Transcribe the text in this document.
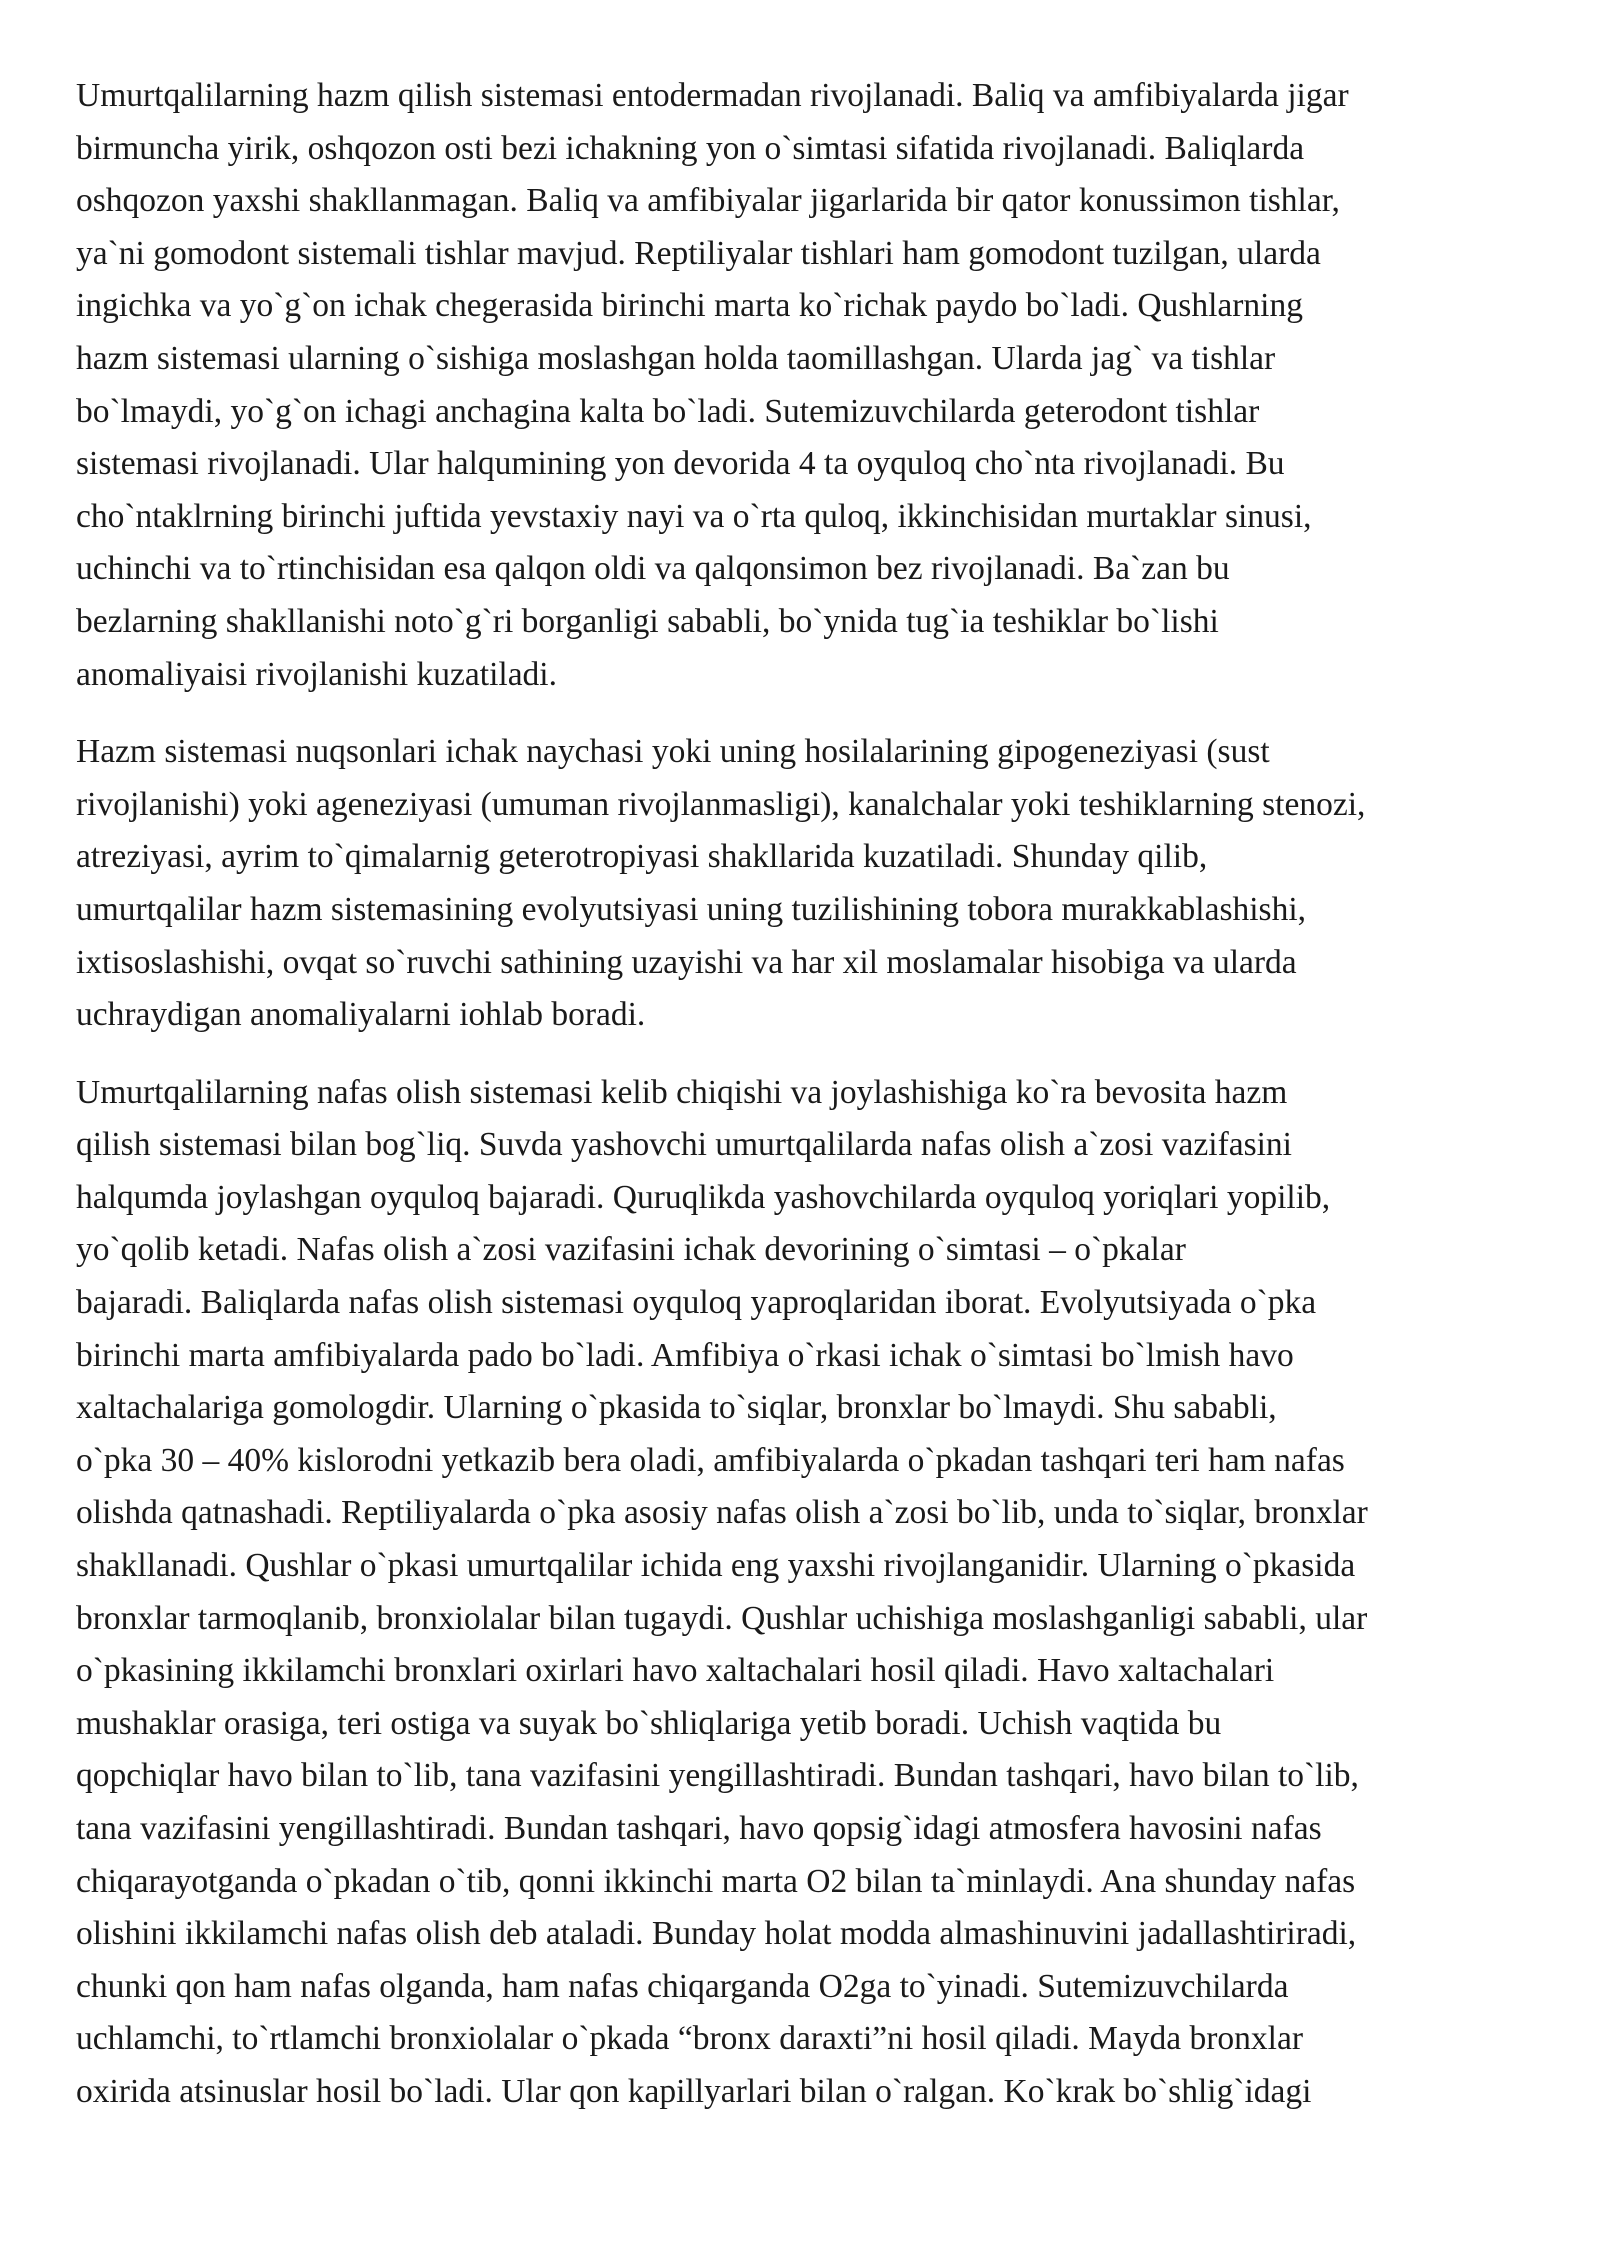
Umurtqalilarning hazm qilish sistemasi entodermadan rivojlanadi. Baliq va amfibiyalarda jigar
birmuncha yirik, oshqozon osti bezi ichakning yon o`simtasi sifatida rivojlanadi. Baliqlarda
oshqozon yaxshi shakllanmagan. Baliq va amfibiyalar jigarlarida bir qator konussimon tishlar,
ya`ni gomodont sistemali tishlar mavjud. Reptiliyalar tishlari ham gomodont tuzilgan, ularda
ingichka va yo`g`on ichak chegerasida birinchi marta ko`richak paydo bo`ladi. Qushlarning
hazm sistemasi ularning o`sishiga moslashgan holda taomillashgan. Ularda jag` va tishlar
bo`lmaydi, yo`g`on ichagi anchagina kalta bo`ladi. Sutemizuvchilarda geterodont tishlar
sistemasi rivojlanadi. Ular halqumining yon devorida 4 ta oyquloq cho`nta rivojlanadi. Bu
cho`ntaklrning birinchi juftida yevstaxiy nayi va o`rta quloq, ikkinchisidan murtaklar sinusi,
uchinchi va to`rtinchisidan esa qalqon oldi va qalqonsimon bez rivojlanadi. Ba`zan bu
bezlarning shakllanishi noto`g`ri borganligi sababli, bo`ynida tug`ia teshiklar bo`lishi
anomaliyaisi rivojlanishi kuzatiladi.

Hazm sistemasi nuqsonlari ichak naychasi yoki uning hosilalarining gipogeneziyasi (sust
rivojlanishi) yoki ageneziyasi (umuman rivojlanmasligi), kanalchalar yoki teshiklarning stenozi,
atreziyasi, ayrim to`qimalarnig geterotropiyasi shakllarida kuzatiladi. Shunday qilib,
umurtqalilar hazm sistemasining evolyutsiyasi uning tuzilishining tobora murakkablashishi,
ixtisoslashishi, ovqat so`ruvchi sathining uzayishi va har xil moslamalar hisobiga va ularda
uchraydigan anomaliyalarni iohlab boradi.

Umurtqalilarning nafas olish sistemasi kelib chiqishi va joylashishiga ko`ra bevosita hazm
qilish sistemasi bilan bog`liq. Suvda yashovchi umurtqalilarda nafas olish a`zosi vazifasini
halqumda joylashgan oyquloq bajaradi. Quruqlikda yashovchilarda oyquloq yoriqlari yopilib,
yo`qolib ketadi. Nafas olish a`zosi vazifasini ichak devorining o`simtasi – o`pkalar
bajaradi. Baliqlarda nafas olish sistemasi oyquloq yaproqlaridan iborat. Evolyutsiyada o`pka
birinchi marta amfibiyalarda pado bo`ladi. Amfibiya o`rkasi ichak o`simtasi bo`lmish havo
xaltachalariga gomologdir. Ularning o`pkasida to`siqlar, bronxlar bo`lmaydi. Shu sababli,
o`pka 30 – 40% kislorodni yetkazib bera oladi, amfibiyalarda o`pkadan tashqari teri ham nafas
olishda qatnashadi. Reptiliyalarda o`pka asosiy nafas olish a`zosi bo`lib, unda to`siqlar, bronxlar
shakllanadi. Qushlar o`pkasi umurtqalilar ichida eng yaxshi rivojlanganidir. Ularning o`pkasida
bronxlar tarmoqlanib, bronxiolalar bilan tugaydi. Qushlar uchishiga moslashganligi sababli, ular
o`pkasining ikkilamchi bronxlari oxirlari havo xaltachalari hosil qiladi. Havo xaltachalari
mushaklar orasiga, teri ostiga va suyak bo`shliqlariga yetib boradi. Uchish vaqtida bu
qopchiqlar havo bilan to`lib, tana vazifasini yengillashtiradi. Bundan tashqari, havo bilan to`lib,
tana vazifasini yengillashtiradi. Bundan tashqari, havo qopsig`idagi atmosfera havosini nafas
chiqarayotganda o`pkadan o`tib, qonni ikkinchi marta O2 bilan ta`minlaydi. Ana shunday nafas
olishini ikkilamchi nafas olish deb ataladi. Bunday holat modda almashinuvini jadallashtiriradi,
chunki qon ham nafas olganda, ham nafas chiqarganda O2ga to`yinadi. Sutemizuvchilarda
uchlamchi, to`rtlamchi bronxiolalar o`pkada “bronx daraxti”ni hosil qiladi. Mayda bronxlar
oxirida atsinuslar hosil bo`ladi. Ular qon kapillyarlari bilan o`ralgan. Ko`krak bo`shlig`idagi
